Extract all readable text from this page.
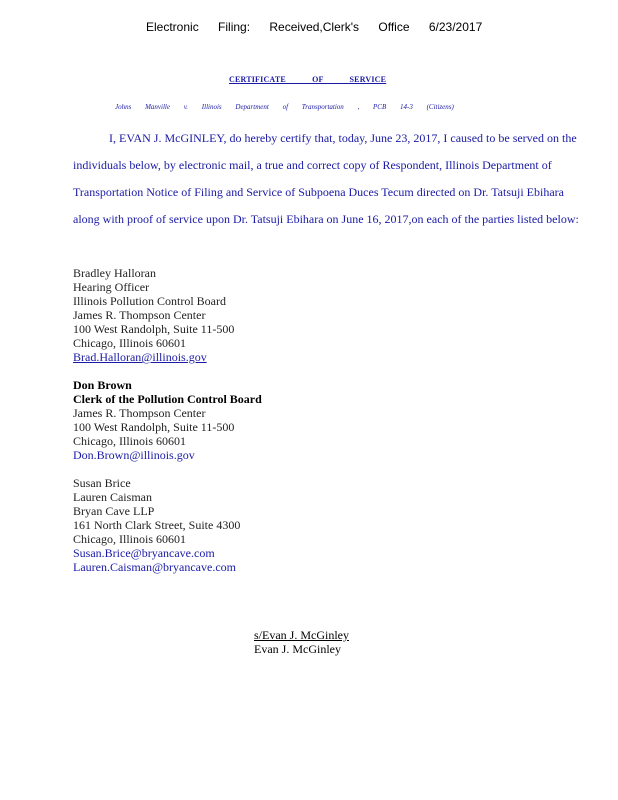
Electronic Filing: Received,Clerk's Office 6/23/2017
CERTIFICATE OF SERVICE
Johns Manville v. Illinois Department of Transportation , PCB 14-3 (Citizens)

I, EVAN J. McGINLEY, do hereby certify that, today, June 23, 2017, I caused to be served on the individuals below, by electronic mail, a true and correct copy of Respondent, Illinois Department of Transportation Notice of Filing and Service of Subpoena Duces Tecum directed on Dr. Tatsuji Ebihara along with proof of service upon Dr. Tatsuji Ebihara on June 16, 2017,on each of the parties listed below:

Bradley Halloran
Hearing Officer
Illinois Pollution Control Board
James R. Thompson Center
100 West Randolph, Suite 11-500
Chicago, Illinois 60601
Brad.Halloran@illinois.gov
Don Brown
Clerk of the Pollution Control Board
James R. Thompson Center
100 West Randolph, Suite 11-500
Chicago, Illinois 60601
Don.Brown@illinois.gov
Susan Brice
Lauren Caisman
Bryan Cave LLP
161 North Clark Street, Suite 4300
Chicago, Illinois 60601
Susan.Brice@bryancave.com
Lauren.Caisman@bryancave.com
s/Evan J. McGinley
Evan J. McGinley
